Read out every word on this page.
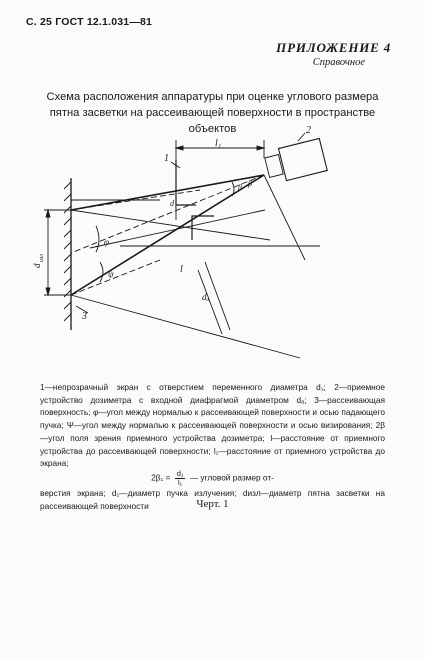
С. 25 ГОСТ 12.1.031—81
ПРИЛОЖЕНИЕ 4
Справочное
Схема расположения аппаратуры при оценке углового размера
пятна засветки на рассеивающей поверхности в пространстве объектов
1
2
3
l₁
l
d₁
dₐ
φ
ψ
β β
d
изл
1—непрозрачный экран с отверстием переменного диаметра d₁; 2—приемное устройство дозиметра с входной диафрагмой диаметром dₐ; 3—рассеивающая поверхность; φ—угол между нормалью к рассеивающей поверхности и осью падающего пучка; Ψ—угол между нормалью к рассеивающей поверхности и осью визирования; 2β—угол поля зрения приемного устройства дозиметра; l—расстояние от приемного устройства до рассеивающей поверхности; l₁—расстояние от приемного устройства до экрана;
$2\beta_1 = \frac{\text{d₁}}{\text{l₁}}$ — угловой размер от-
верстия экрана; d₁—диаметр пучка излучения; dизл—диаметр пятна засветки на рассеивающей поверхности	Черт. 1
